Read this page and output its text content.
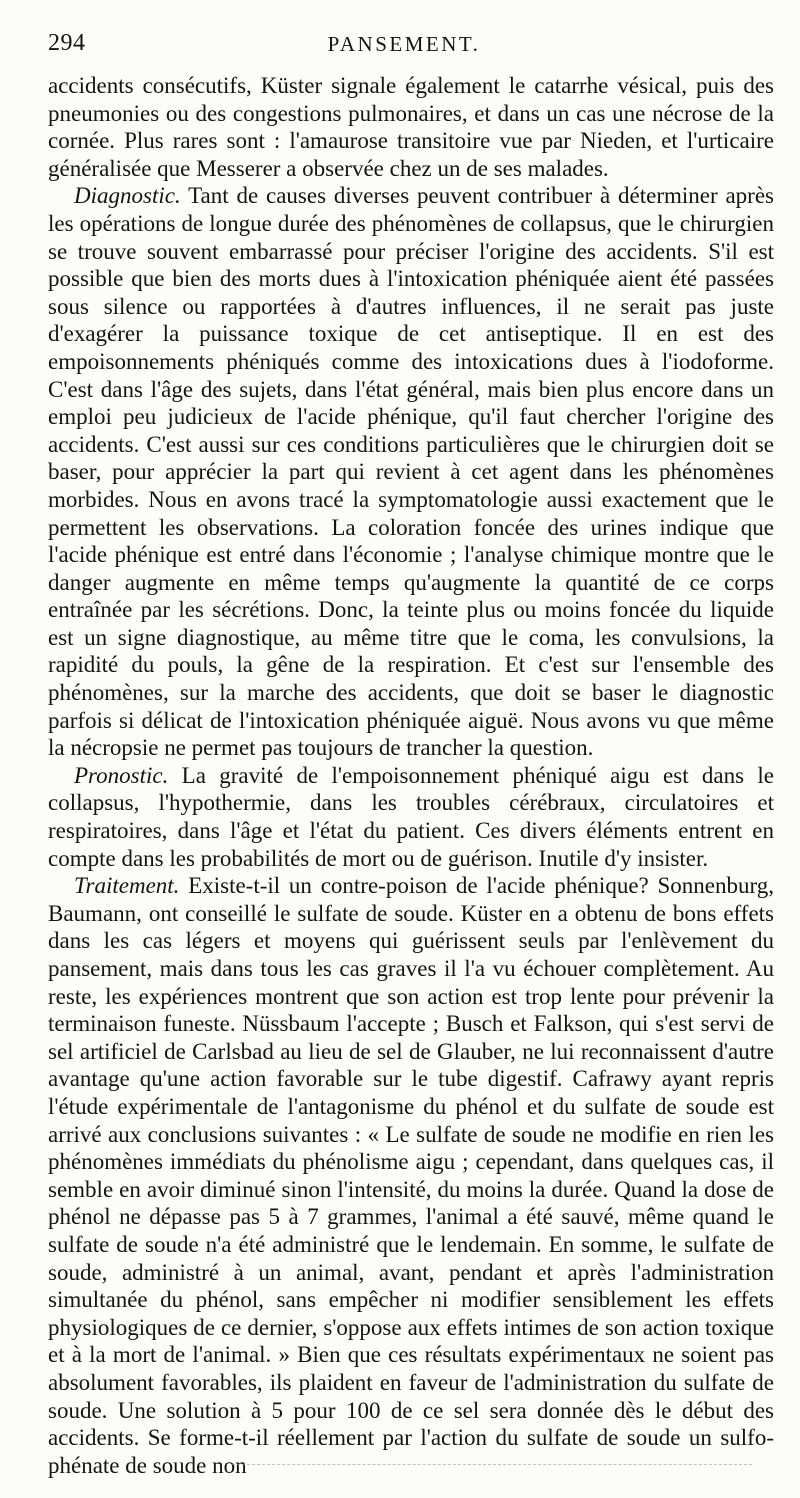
294	PANSEMENT.

accidents consécutifs, Küster signale également le catarrhe vésical, puis des pneumonies ou des congestions pulmonaires, et dans un cas une nécrose de la cornée. Plus rares sont : l'amaurose transitoire vue par Nieden, et l'urticaire généralisée que Messerer a observée chez un de ses malades.

Diagnostic. Tant de causes diverses peuvent contribuer à déterminer après les opérations de longue durée des phénomènes de collapsus, que le chirurgien se trouve souvent embarrassé pour préciser l'origine des accidents. S'il est possible que bien des morts dues à l'intoxication phéniquée aient été passées sous silence ou rapportées à d'autres influences, il ne serait pas juste d'exagérer la puissance toxique de cet antiseptique. Il en est des empoisonnements phéniqués comme des intoxications dues à l'iodoforme. C'est dans l'âge des sujets, dans l'état général, mais bien plus encore dans un emploi peu judicieux de l'acide phénique, qu'il faut chercher l'origine des accidents. C'est aussi sur ces conditions particulières que le chirurgien doit se baser, pour apprécier la part qui revient à cet agent dans les phénomènes morbides. Nous en avons tracé la symptomatologie aussi exactement que le permettent les observations. La coloration foncée des urines indique que l'acide phénique est entré dans l'économie ; l'analyse chimique montre que le danger augmente en même temps qu'augmente la quantité de ce corps entraînée par les sécrétions. Donc, la teinte plus ou moins foncée du liquide est un signe diagnostique, au même titre que le coma, les convulsions, la rapidité du pouls, la gêne de la respiration. Et c'est sur l'ensemble des phénomènes, sur la marche des accidents, que doit se baser le diagnostic parfois si délicat de l'intoxication phéniquée aiguë. Nous avons vu que même la nécropsie ne permet pas toujours de trancher la question.

Pronostic. La gravité de l'empoisonnement phéniqué aigu est dans le collapsus, l'hypothermie, dans les troubles cérébraux, circulatoires et respiratoires, dans l'âge et l'état du patient. Ces divers éléments entrent en compte dans les probabilités de mort ou de guérison. Inutile d'y insister.

Traitement. Existe-t-il un contre-poison de l'acide phénique? Sonnenburg, Baumann, ont conseillé le sulfate de soude. Küster en a obtenu de bons effets dans les cas légers et moyens qui guérissent seuls par l'enlèvement du pansement, mais dans tous les cas graves il l'a vu échouer complètement. Au reste, les expériences montrent que son action est trop lente pour prévenir la terminaison funeste. Nüssbaum l'accepte ; Busch et Falkson, qui s'est servi de sel artificiel de Carlsbad au lieu de sel de Glauber, ne lui reconnaissent d'autre avantage qu'une action favorable sur le tube digestif. Cafrawy ayant repris l'étude expérimentale de l'antagonisme du phénol et du sulfate de soude est arrivé aux conclusions suivantes : « Le sulfate de soude ne modifie en rien les phénomènes immédiats du phénolisme aigu ; cependant, dans quelques cas, il semble en avoir diminué sinon l'intensité, du moins la durée. Quand la dose de phénol ne dépasse pas 5 à 7 grammes, l'animal a été sauvé, même quand le sulfate de soude n'a été administré que le lendemain. En somme, le sulfate de soude, administré à un animal, avant, pendant et après l'administration simultanée du phénol, sans empêcher ni modifier sensiblement les effets physiologiques de ce dernier, s'oppose aux effets intimes de son action toxique et à la mort de l'animal. » Bien que ces résultats expérimentaux ne soient pas absolument favorables, ils plaident en faveur de l'administration du sulfate de soude. Une solution à 5 pour 100 de ce sel sera donnée dès le début des accidents. Se forme-t-il réellement par l'action du sulfate de soude un sulfo-phénate de soude non
